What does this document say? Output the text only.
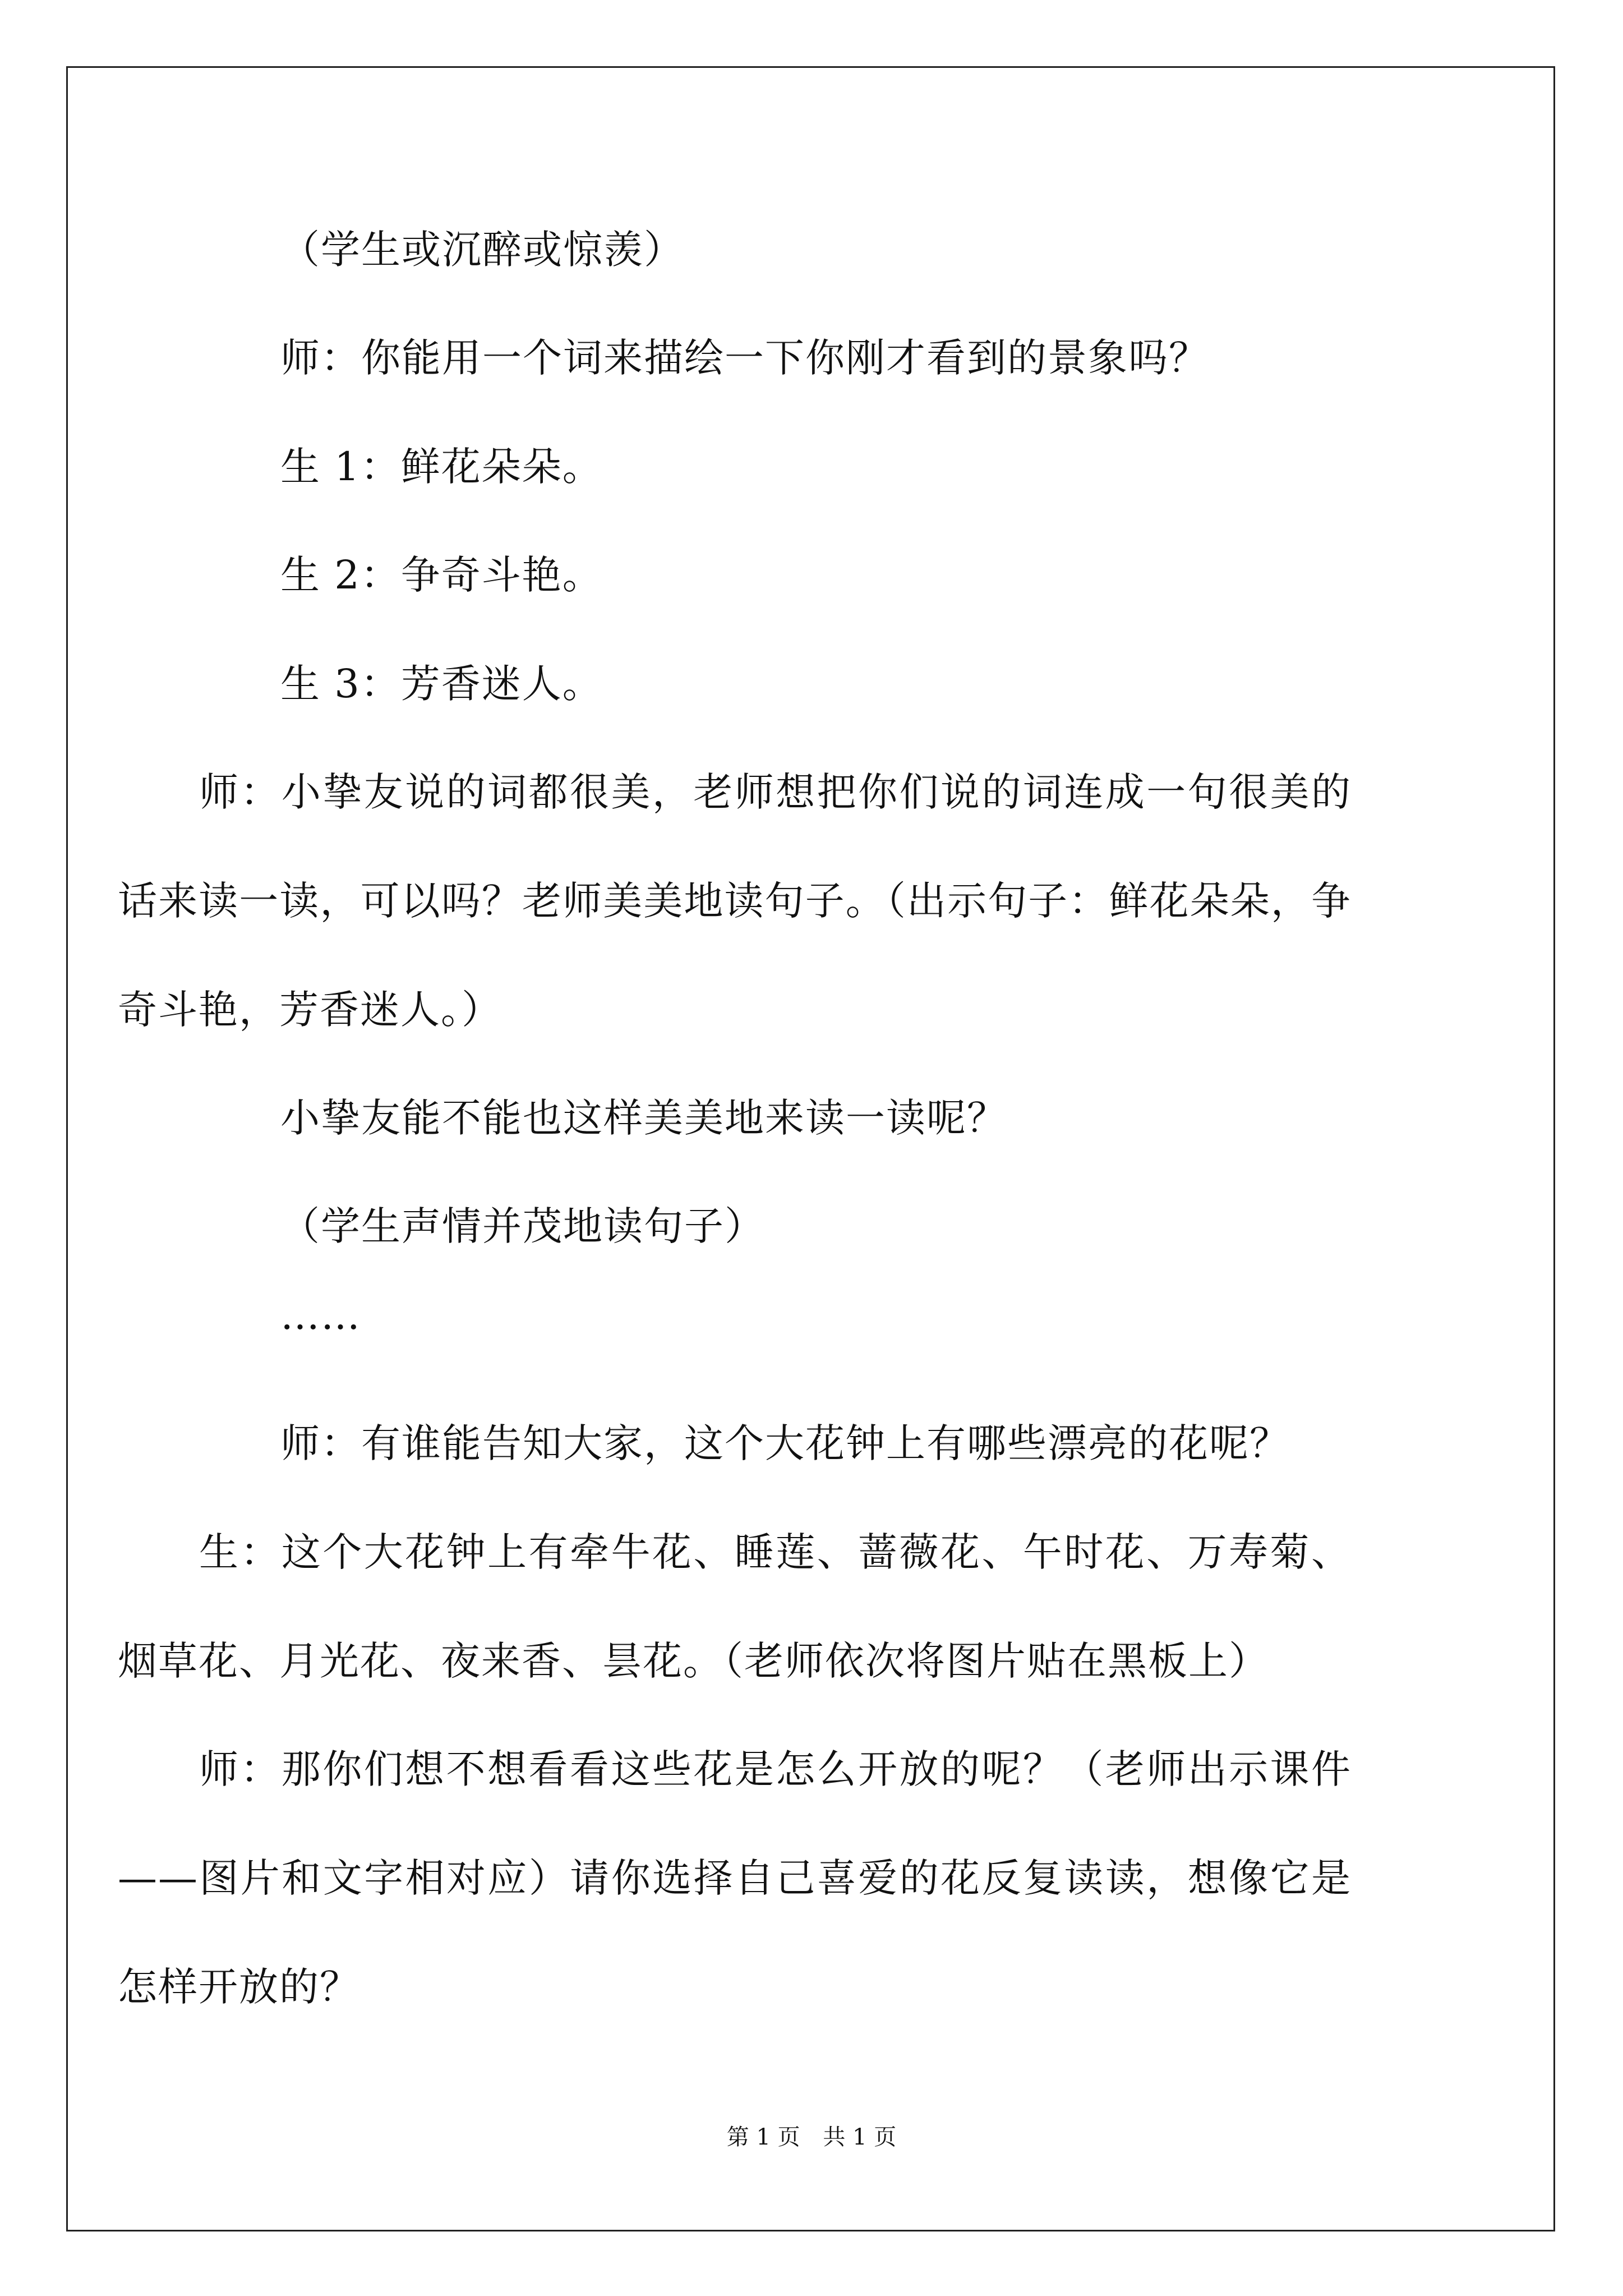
（学生或沉醉或惊羡）
师：你能用一个词来描绘一下你刚才看到的景象吗？
生 1：鲜花朵朵。
生 2：争奇斗艳。
生 3：芳香迷人。
师：小挚友说的词都很美，老师想把你们说的词连成一句很美的话来读一读，可以吗？老师美美地读句子。（出示句子：鲜花朵朵，争奇斗艳，芳香迷人。）
小挚友能不能也这样美美地来读一读呢？
（学生声情并茂地读句子）
……
师：有谁能告知大家，这个大花钟上有哪些漂亮的花呢？
生：这个大花钟上有牵牛花、睡莲、蔷薇花、午时花、万寿菊、烟草花、月光花、夜来香、昙花。（老师依次将图片贴在黑板上）
师：那你们想不想看看这些花是怎么开放的呢？（老师出示课件——图片和文字相对应）请你选择自己喜爱的花反复读读，想像它是怎样开放的？
第 1 页 共 1 页
